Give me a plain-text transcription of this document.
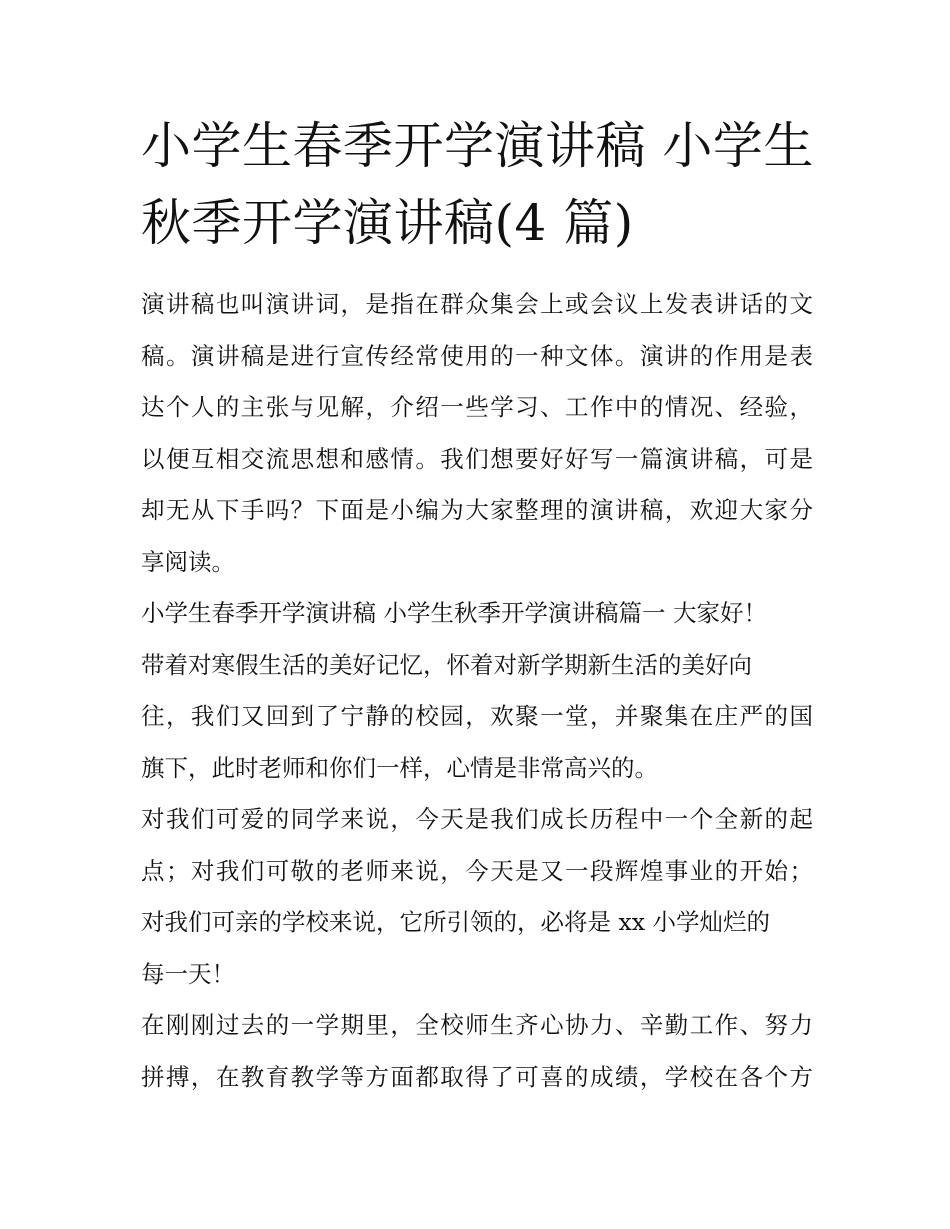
小学生春季开学演讲稿 小学生
秋季开学演讲稿(4 篇)

演讲稿也叫演讲词，是指在群众集会上或会议上发表讲话的文
稿。演讲稿是进行宣传经常使用的一种文体。演讲的作用是表
达个人的主张与见解，介绍一些学习、工作中的情况、经验，
以便互相交流思想和感情。我们想要好好写一篇演讲稿，可是
却无从下手吗？下面是小编为大家整理的演讲稿，欢迎大家分
享阅读。

小学生春季开学演讲稿 小学生秋季开学演讲稿篇一 大家好！
带着对寒假生活的美好记忆，怀着对新学期新生活的美好向
往，我们又回到了宁静的校园，欢聚一堂，并聚集在庄严的国
旗下，此时老师和你们一样，心情是非常高兴的。

对我们可爱的同学来说，今天是我们成长历程中一个全新的起
点；对我们可敬的老师来说，今天是又一段辉煌事业的开始；
对我们可亲的学校来说，它所引领的，必将是 xx 小学灿烂的
每一天！

在刚刚过去的一学期里，全校师生齐心协力、辛勤工作、努力
拼搏，在教育教学等方面都取得了可喜的成绩，学校在各个方
